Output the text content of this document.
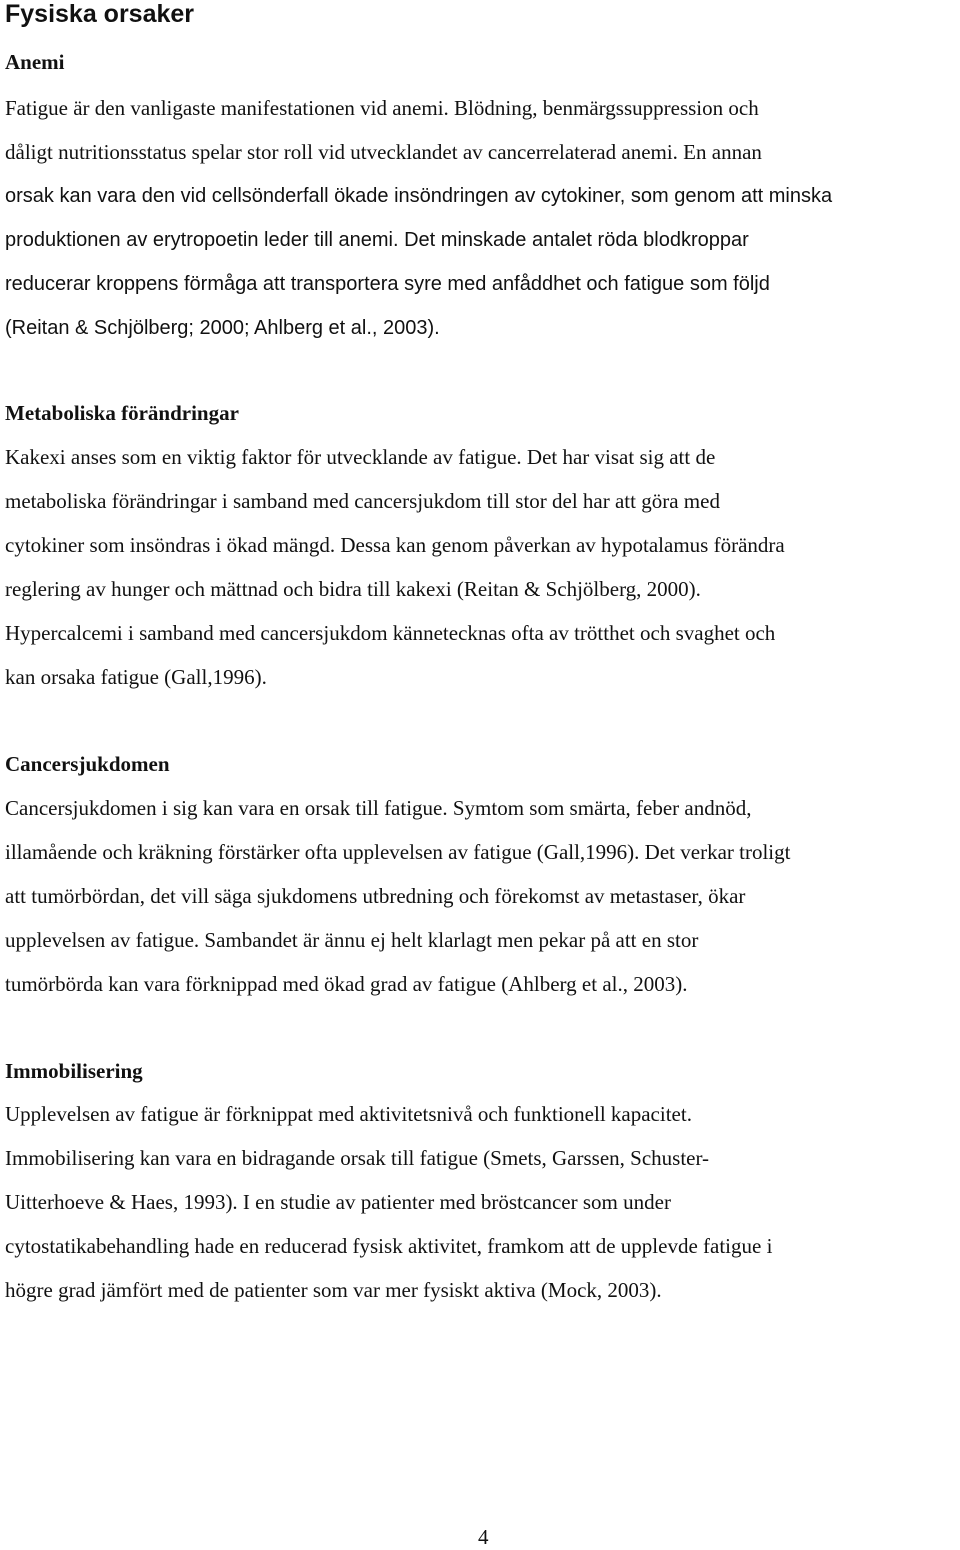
Fysiska orsaker
Anemi
Fatigue är den vanligaste manifestationen vid anemi. Blödning, benmärgssuppression och
dåligt nutritionsstatus spelar stor roll vid utvecklandet av cancerrelaterad anemi. En annan
orsak kan vara den vid cellsönderfall ökade insöndringen av cytokiner, som genom att minska
produktionen av erytropoetin leder till anemi. Det minskade antalet röda blodkroppar
reducerar kroppens förmåga att transportera syre med anfåddhet och fatigue som följd
(Reitan & Schjölberg; 2000; Ahlberg et al., 2003).
Metaboliska förändringar
Kakexi anses som en viktig faktor för utvecklande av fatigue. Det har visat sig att de
metaboliska förändringar i samband med cancersjukdom till stor del har att göra med
cytokiner som insöndras i ökad mängd. Dessa kan genom påverkan av hypotalamus förändra
reglering av hunger och mättnad och bidra till kakexi (Reitan & Schjölberg, 2000).
Hypercalcemi i samband med cancersjukdom kännetecknas ofta av trötthet och svaghet och
kan orsaka fatigue (Gall,1996).
Cancersjukdomen
Cancersjukdomen i sig kan vara en orsak till fatigue. Symtom som smärta, feber andnöd,
illamående och kräkning förstärker ofta upplevelsen av fatigue (Gall,1996). Det verkar troligt
att tumörbördan, det vill säga sjukdomens utbredning och förekomst av metastaser, ökar
upplevelsen av fatigue. Sambandet är ännu ej helt klarlagt men pekar på att en stor
tumörbörda kan vara förknippad med ökad grad av fatigue (Ahlberg et al., 2003).
Immobilisering
Upplevelsen av fatigue är förknippat med aktivitetsnivå och funktionell kapacitet.
Immobilisering kan vara en bidragande orsak till fatigue (Smets, Garssen, Schuster-
Uitterhoeve & Haes, 1993). I en studie av patienter med bröstcancer som under
cytostatikabehandling hade en reducerad fysisk aktivitet, framkom att de upplevde fatigue i
högre grad jämfört med de patienter som var mer fysiskt aktiva (Mock, 2003).

4
